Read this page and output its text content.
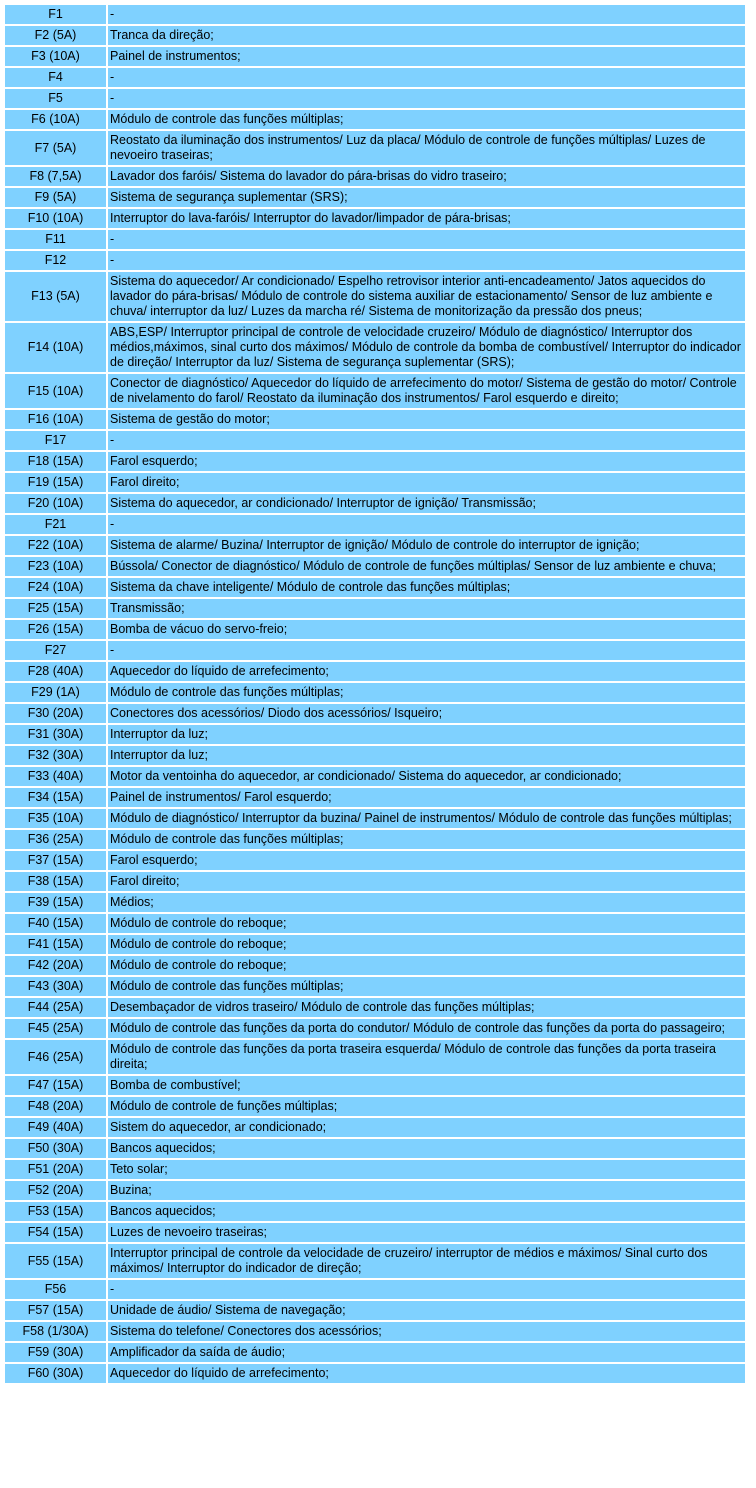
F1	-
F2 (5A)	Tranca da direção;
F3 (10A)	Painel de instrumentos;
F4	-
F5	-
F6 (10A)	Módulo de controle das funções múltiplas;
F7 (5A)	Reostato da iluminação dos instrumentos/ Luz da placa/ Módulo de controle de funções múltiplas/ Luzes de nevoeiro traseiras;
F8 (7,5A)	Lavador dos faróis/ Sistema do lavador do pára-brisas do vidro traseiro;
F9 (5A)	Sistema de segurança suplementar (SRS);
F10 (10A)	Interruptor do lava-faróis/ Interruptor do lavador/limpador de pára-brisas;
F11	-
F12	-
F13 (5A)	Sistema do aquecedor/ Ar condicionado/ Espelho retrovisor interior anti-encadeamento/ Jatos aquecidos do lavador do pára-brisas/ Módulo de controle do sistema auxiliar de estacionamento/ Sensor de luz ambiente e chuva/ interruptor da luz/ Luzes da marcha ré/ Sistema de monitorização da pressão dos pneus;
F14 (10A)	ABS,ESP/ Interruptor principal de controle de velocidade cruzeiro/ Módulo de diagnóstico/ Interruptor dos médios,máximos, sinal curto dos máximos/ Módulo de controle da bomba de combustível/ Interruptor do indicador de direção/ Interruptor da luz/ Sistema de segurança suplementar (SRS);
F15 (10A)	Conector de diagnóstico/ Aquecedor do líquido de arrefecimento do motor/ Sistema de gestão do motor/ Controle de nivelamento do farol/ Reostato da iluminação dos instrumentos/ Farol esquerdo e direito;
F16 (10A)	Sistema de gestão do motor;
F17	-
F18 (15A)	Farol esquerdo;
F19 (15A)	Farol direito;
F20 (10A)	Sistema do aquecedor, ar condicionado/ Interruptor de ignição/ Transmissão;
F21	-
F22 (10A)	Sistema de alarme/ Buzina/ Interruptor de ignição/ Módulo de controle do interruptor de ignição;
F23 (10A)	Bússola/ Conector de diagnóstico/ Módulo de controle de funções múltiplas/ Sensor de luz ambiente e chuva;
F24 (10A)	Sistema da chave inteligente/ Módulo de controle das funções múltiplas;
F25 (15A)	Transmissão;
F26 (15A)	Bomba de vácuo do servo-freio;
F27	-
F28 (40A)	Aquecedor do líquido de arrefecimento;
F29 (1A)	Módulo de controle das funções múltiplas;
F30 (20A)	Conectores dos acessórios/ Diodo dos acessórios/ Isqueiro;
F31 (30A)	Interruptor da luz;
F32 (30A)	Interruptor da luz;
F33 (40A)	Motor da ventoinha do aquecedor, ar condicionado/ Sistema do aquecedor, ar condicionado;
F34 (15A)	Painel de instrumentos/ Farol esquerdo;
F35 (10A)	Módulo de diagnóstico/ Interruptor da buzina/ Painel de instrumentos/ Módulo de controle das funções múltiplas;
F36 (25A)	Módulo de controle das funções múltiplas;
F37 (15A)	Farol esquerdo;
F38 (15A)	Farol direito;
F39 (15A)	Médios;
F40 (15A)	Módulo de controle do reboque;
F41 (15A)	Módulo de controle do reboque;
F42 (20A)	Módulo de controle do reboque;
F43 (30A)	Módulo de controle das funções múltiplas;
F44 (25A)	Desembaçador de vidros traseiro/ Módulo de controle das funções múltiplas;
F45 (25A)	Módulo de controle das funções da porta do condutor/ Módulo de controle das funções da porta do passageiro;
F46 (25A)	Módulo de controle das funções da porta traseira esquerda/ Módulo de controle das funções da porta traseira direita;
F47 (15A)	Bomba de combustível;
F48 (20A)	Módulo de controle de funções múltiplas;
F49 (40A)	Sistem do aquecedor, ar condicionado;
F50 (30A)	Bancos aquecidos;
F51 (20A)	Teto solar;
F52 (20A)	Buzina;
F53 (15A)	Bancos aquecidos;
F54 (15A)	Luzes de nevoeiro traseiras;
F55 (15A)	Interruptor principal de controle da velocidade de cruzeiro/ interruptor de médios e máximos/ Sinal curto dos máximos/ Interruptor do indicador de direção;
F56	-
F57 (15A)	Unidade de áudio/ Sistema de navegação;
F58 (1/30A)	Sistema do telefone/ Conectores dos acessórios;
F59 (30A)	Amplificador da saída de áudio;
F60 (30A)	Aquecedor do líquido de arrefecimento;
